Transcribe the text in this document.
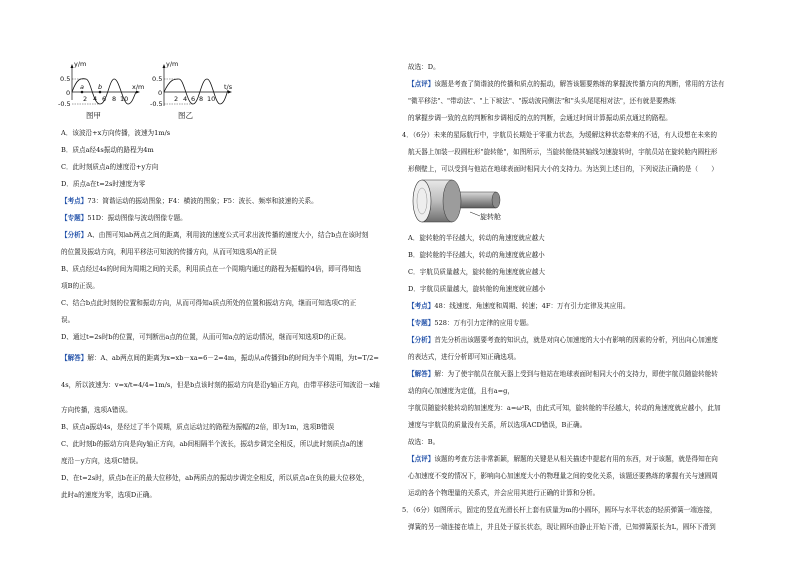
y/m
x/m
0.5
0
-0.5
a b
2 4 6 8 10
图甲
y/m
t/s
0.5
0
-0.5
2 4 6 8 10
图乙
A．该波沿+x方向传播，波速为1m/s
B．质点a经4s振动的路程为4m
C．此时刻质点a的速度沿+y方向
D．质点a在t=2s时速度为零
【考点】73：简谐运动的振动图象；F4：横波的图象；F5：波长、频率和波速的关系。
【专题】51D：振动图像与波动图像专题。
【分析】A、由图可知ab两点之间的距离，利用波的速度公式可求出波传播的速度大小，结合b点在该时刻
的位置及振动方向，利用平移法可知波的传播方向，从而可知选项A的正误
B、质点经过4s的时间为周期之间的关系，利用质点在一个周期内通过的路程为振幅的4倍，即可得知选
项B的正误。
C、结合b点此时刻的位置和振动方向，从而可得知a质点所处的位置和振动方向，继而可知选项C的正
误。
D、通过t=2s时b的位置，可判断出a点的位置，从而可知a点的运动情况，继而可知选项D的正误。
【解答】解：A、ab两点间的距离为x=xb－xa=6－2=4m，振动从a传播到b的时间为半个周期，为t=T/2=
4s，所以波速为：v=x/t=4/4=1m/s，但是b点该时刻的振动方向是沿y轴正方向，由带平移法可知波沿－x轴
方向传播，选项A错误。
B、质点a振动4s，是经过了半个周期，质点运动过的路程为振幅的2倍，即为1m，选项B错误
C、此时刻b的振动方向是向y轴正方向，ab间相隔半个波长，振动步调完全相反，所以此时刻质点a的速
度沿－y方向，选项C错误。
D、在t=2s时，质点b在正的最大位移处，ab两质点的振动步调完全相反，所以质点a在负的最大位移处，
此时a的速度为零，选项D正确。
故选：D。
【点评】该题是考查了简谐波的传播和质点的振动，解答该题要熟练的掌握波传播方向的判断，常用的方法有
"微平移法"、"带动法"、"上下坡法"、"振动波同侧法"和"头头尾尾相对法"，还有就是要熟练
的掌握步调一致的点的判断和步调相反的点的判断，会通过时间计算振动质点通过的路程。
4．（6分）未来的星际航行中，宇航员长期处于零重力状态，为缓解这种状态带来的不适，有人设想在未来的
航天器上加装一段圆柱形"旋转舱"，如图所示，当旋转舱绕其轴线匀速旋转时，宇航员站在旋转舱内圆柱形
形侧壁上，可以受到与他站在地球表面时相同大小的支持力。为达到上述目的，下列说法正确的是（　　）
旋转舱
A．旋转舱的半径越大，转动的角速度就应越大
B．旋转舱的半径越大，转动的角速度就应越小
C．宇航员质量越大，旋转舱的角速度就应越大
D．宇航员质量越大，旋转舱的角速度就应越小
【考点】48：线速度、角速度和周期、转速；4F：万有引力定律及其应用。
【专题】528：万有引力定律的应用专题。
【分析】首先分析出该题要考查的知识点，就是对向心加速度的大小有影响的因素的分析，列出向心加速度
的表达式，进行分析即可知正确选项。
【解答】解：为了使宇航员在航天器上受到与他站在地球表面时相同大小的支持力，即使宇航员随旋转舱转
动的向心加速度为定值，且有a=g，
宇航员随旋转舱转动的加速度为：a=ω²R，由此式可知，旋转舱的半径越大，转动的角速度就应越小，此加
速度与宇航员的质量没有关系，所以选项ACD错误，B正确。
故选：B。
【点评】该题的考查方法非常新颖，解题的关键是从相关描述中提起有用的东西，对于该题，就是得知在向
心加速度不变的情况下，影响向心加速度大小的物理量之间的变化关系，该题还要熟练的掌握有关与速圆周
运动的各个物理量的关系式，并会应用其进行正确的计算和分析。
5．（6分）如图所示，固定的竖直光滑长杆上套有质量为m的小圆环，圆环与水平状态的轻质弹簧一端连接，
弹簧的另一端连接在墙上，并且处于原长状态，现让圆环由静止开始下滑，已知弹簧原长为L，圆环下滑到
